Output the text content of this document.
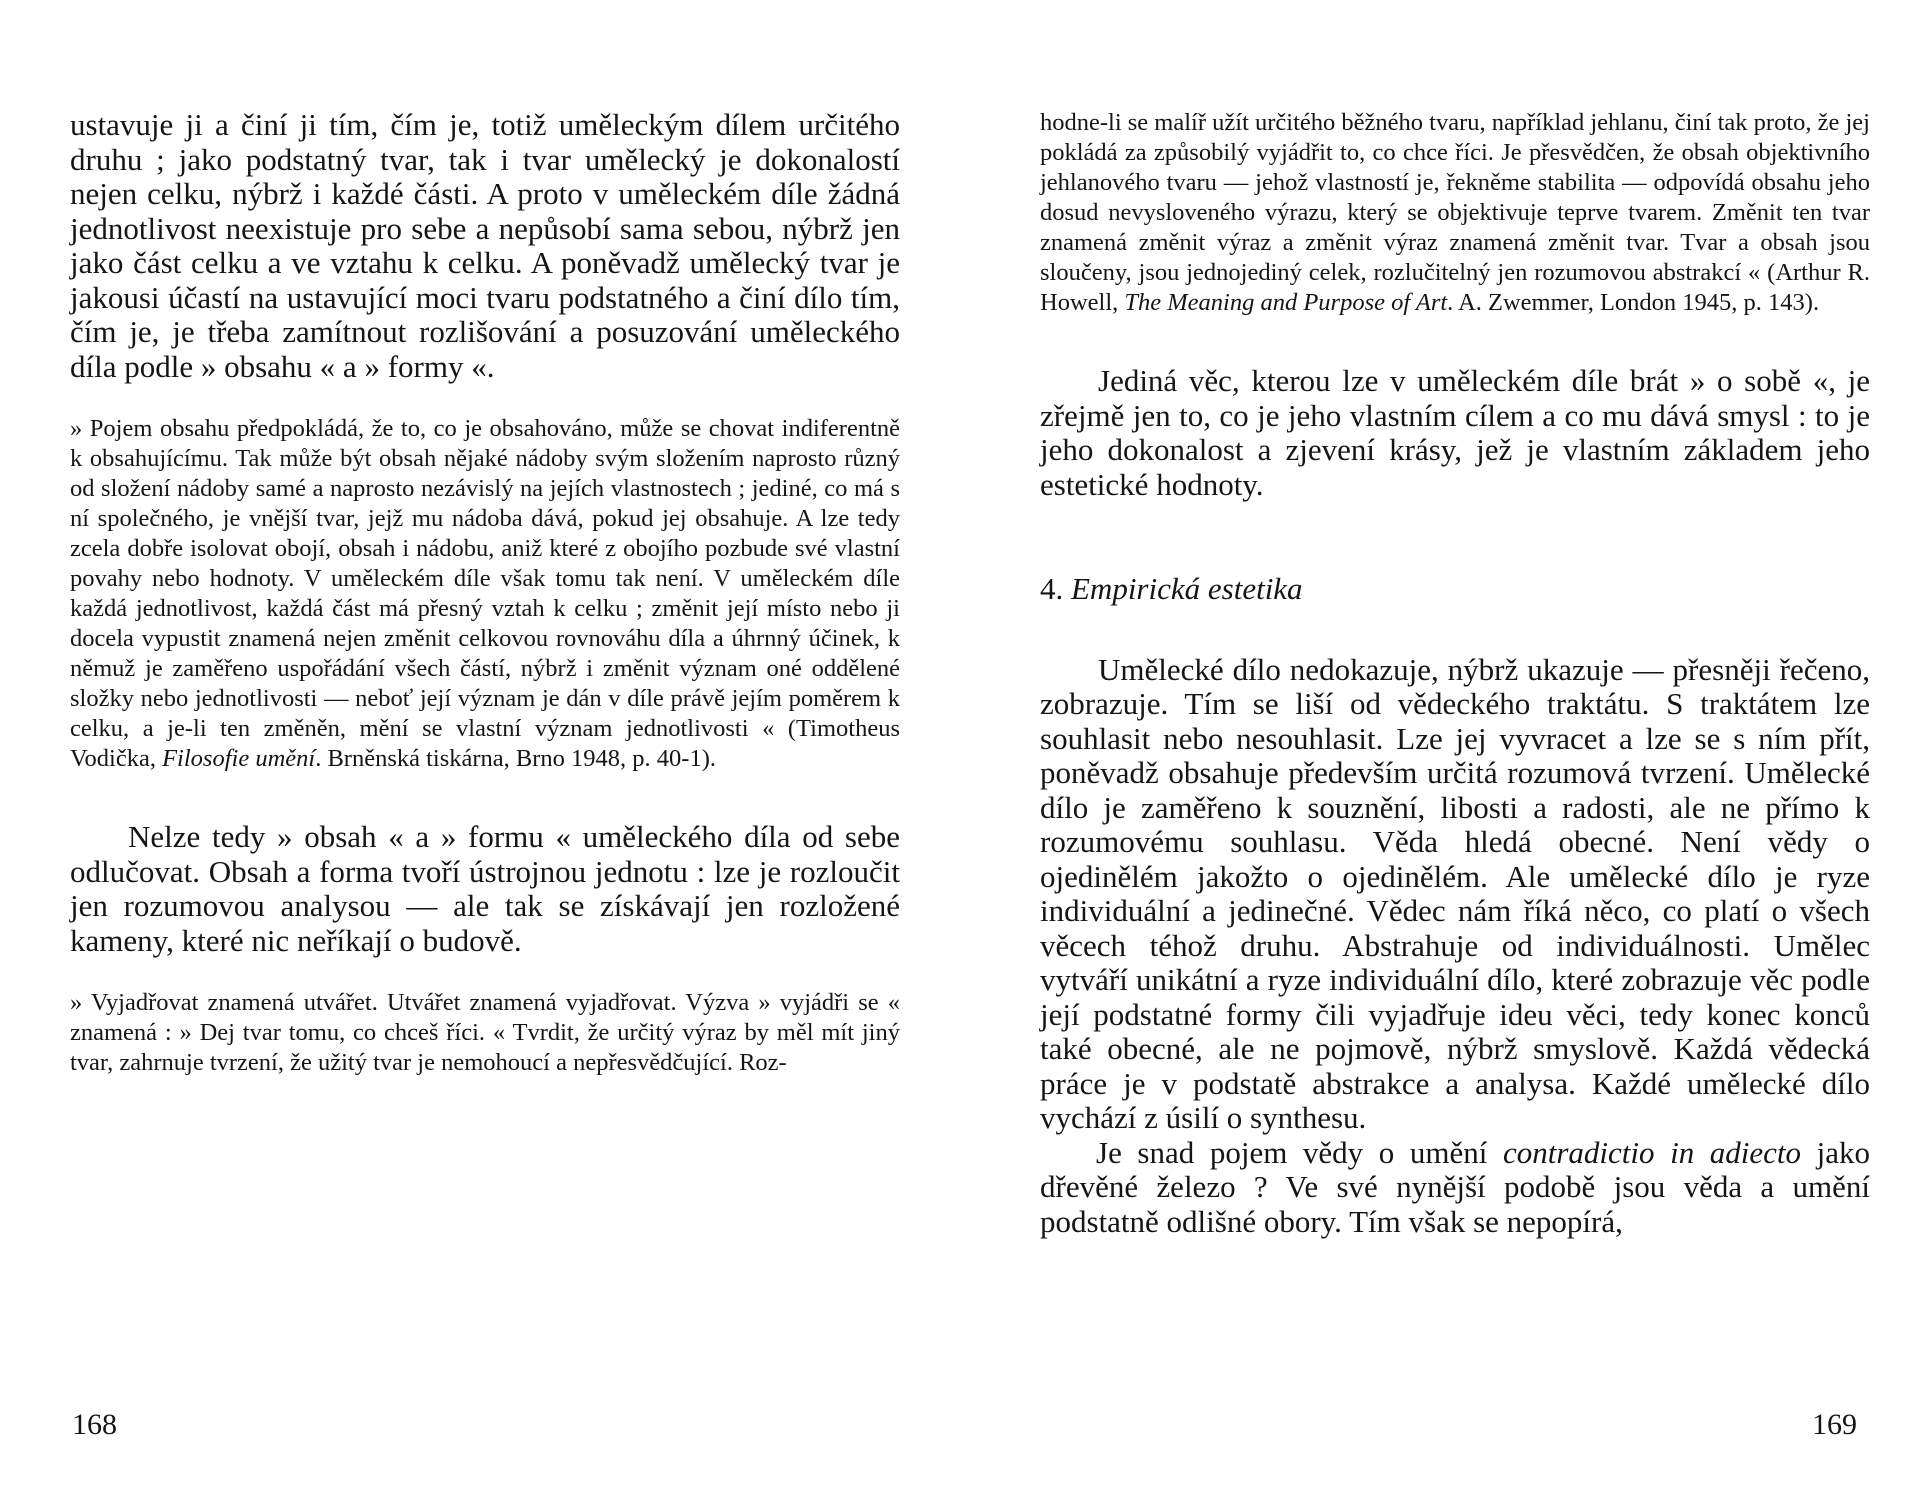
ustavuje ji a činí ji tím, čím je, totiž uměleckým dílem určitého druhu ; jako podstatný tvar, tak i tvar umělecký je dokonalostí nejen celku, nýbrž i každé části. A proto v uměleckém díle žádná jednotlivost neexistuje pro sebe a nepůsobí sama sebou, nýbrž jen jako část celku a ve vztahu k celku. A poněvadž umělecký tvar je jakousi účastí na ustavující moci tvaru podstatného a činí dílo tím, čím je, je třeba zamítnout rozlišování a posuzování uměleckého díla podle » obsahu « a » formy «.

» Pojem obsahu předpokládá, že to, co je obsahováno, může se chovat indiferentně k obsahujícímu. Tak může být obsah nějaké nádoby svým složením naprosto různý od složení nádoby samé a naprosto nezávislý na jejích vlastnostech ; jediné, co má s ní společného, je vnější tvar, jejž mu nádoba dává, pokud jej obsahuje. A lze tedy zcela dobře isolovat obojí, obsah i nádobu, aniž které z obojího pozbude své vlastní povahy nebo hodnoty. V uměleckém díle však tomu tak není. V uměleckém díle každá jednotlivost, každá část má přesný vztah k celku ; změnit její místo nebo ji docela vypustit znamená nejen změnit celkovou rovnováhu díla a úhrnný účinek, k němuž je zaměřeno uspořádání všech částí, nýbrž i změnit význam oné oddělené složky nebo jednotlivosti — neboť její význam je dán v díle právě jejím poměrem k celku, a je-li ten změněn, mění se vlastní význam jednotlivosti « (Timotheus Vodička, Filosofie umění. Brněnská tiskárna, Brno 1948, p. 40-1).

Nelze tedy » obsah « a » formu « uměleckého díla od sebe odlučovat. Obsah a forma tvoří ústrojnou jednotu : lze je rozloučit jen rozumovou analysou — ale tak se získávají jen rozložené kameny, které nic neříkají o budově.

» Vyjadřovat znamená utvářet. Utvářet znamená vyjadřovat. Výzva » vyjádři se « znamená : » Dej tvar tomu, co chceš říci. « Tvrdit, že určitý výraz by měl mít jiný tvar, zahrnuje tvrzení, že užitý tvar je nemohoucí a nepřesvědčující. Roz-

hodne-li se malíř užít určitého běžného tvaru, například jehlanu, činí tak proto, že jej pokládá za způsobilý vyjádřit to, co chce říci. Je přesvědčen, že obsah objektivního jehlanového tvaru — jehož vlastností je, řekněme stabilita — odpovídá obsahu jeho dosud nevysloveného výrazu, který se objektivuje teprve tvarem. Změnit ten tvar znamená změnit výraz a změnit výraz znamená změnit tvar. Tvar a obsah jsou sloučeny, jsou jednojediný celek, rozlučitelný jen rozumovou abstrakcí « (Arthur R. Howell, The Meaning and Purpose of Art. A. Zwemmer, London 1945, p. 143).

Jediná věc, kterou lze v uměleckém díle brát » o sobě «, je zřejmě jen to, co je jeho vlastním cílem a co mu dává smysl : to je jeho dokonalost a zjevení krásy, jež je vlastním základem jeho estetické hodnoty.

4. Empirická estetika

Umělecké dílo nedokazuje, nýbrž ukazuje — přesněji řečeno, zobrazuje. Tím se liší od vědeckého traktátu. S traktátem lze souhlasit nebo nesouhlasit. Lze jej vyvracet a lze se s ním přít, poněvadž obsahuje především určitá rozumová tvrzení. Umělecké dílo je zaměřeno k souznění, libosti a radosti, ale ne přímo k rozumovému souhlasu. Věda hledá obecné. Není vědy o ojedinělém jakožto o ojedinělém. Ale umělecké dílo je ryze individuální a jedinečné. Vědec nám říká něco, co platí o všech věcech téhož druhu. Abstrahuje od individuálnosti. Umělec vytváří unikátní a ryze individuální dílo, které zobrazuje věc podle její podstatné formy čili vyjadřuje ideu věci, tedy konec konců také obecné, ale ne pojmově, nýbrž smyslově. Každá vědecká práce je v podstatě abstrakce a analysa. Každé umělecké dílo vychází z úsilí o synthesu.

Je snad pojem vědy o umění contradictio in adiecto jako dřevěné železo ? Ve své nynější podobě jsou věda a umění podstatně odlišné obory. Tím však se nepopírá,

168	169
